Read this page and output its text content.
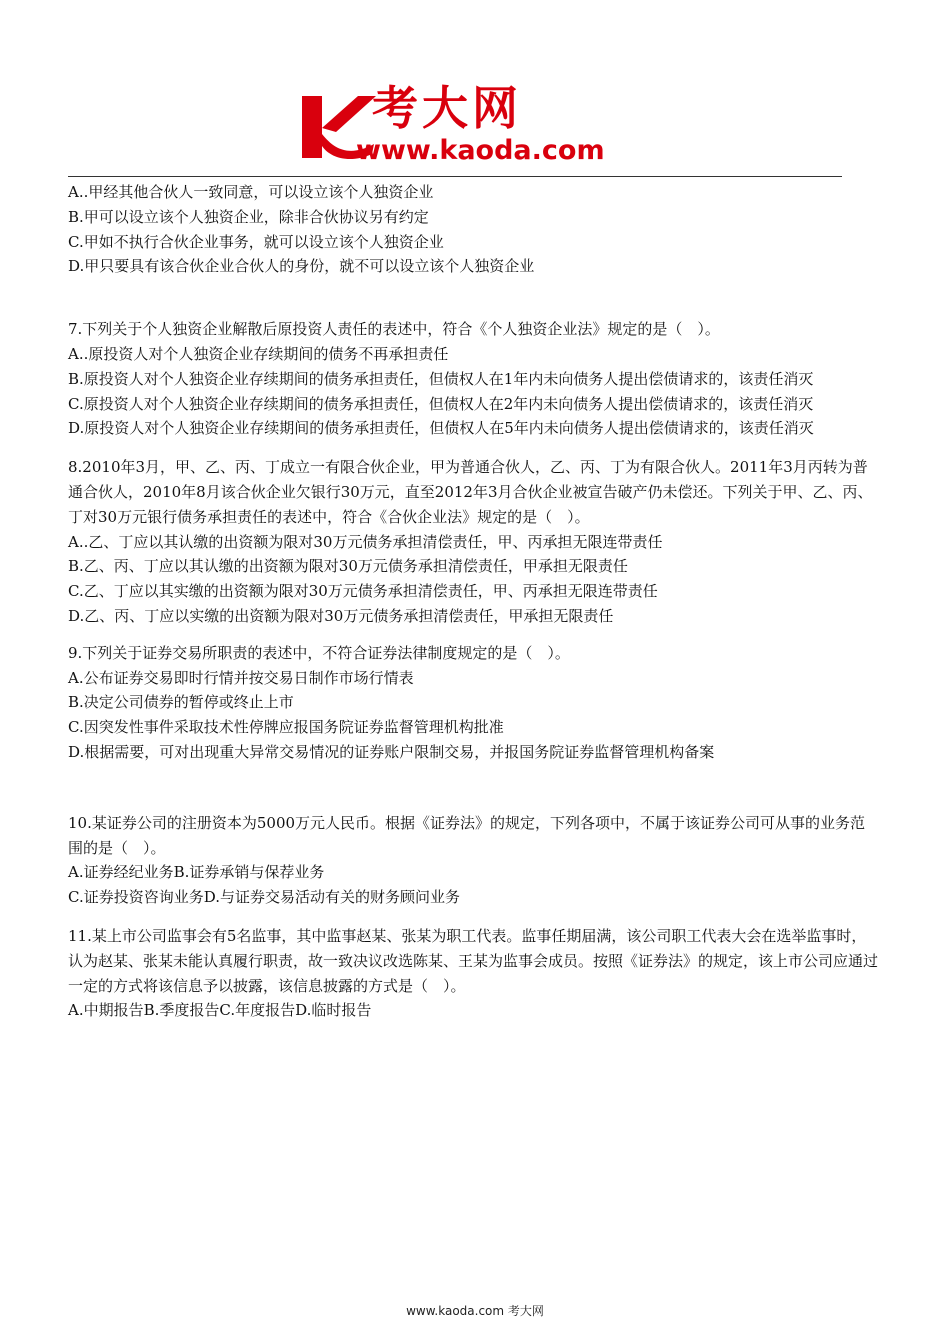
考大网
www.kaoda.com
A..甲经其他合伙人一致同意，可以设立该个人独资企业
B.甲可以设立该个人独资企业，除非合伙协议另有约定
C.甲如不执行合伙企业事务，就可以设立该个人独资企业
D.甲只要具有该合伙企业合伙人的身份，就不可以设立该个人独资企业
7.下列关于个人独资企业解散后原投资人责任的表述中，符合《个人独资企业法》规定的是（　）。
A..原投资人对个人独资企业存续期间的债务不再承担责任
B.原投资人对个人独资企业存续期间的债务承担责任，但债权人在1年内未向债务人提出偿债请求的，该责任消灭
C.原投资人对个人独资企业存续期间的债务承担责任，但债权人在2年内未向债务人提出偿债请求的，该责任消灭
D.原投资人对个人独资企业存续期间的债务承担责任，但债权人在5年内未向债务人提出偿债请求的，该责任消灭
8.2010年3月，甲、乙、丙、丁成立一有限合伙企业，甲为普通合伙人，乙、丙、丁为有限合伙人。2011年3月丙转为普通合伙人，2010年8月该合伙企业欠银行30万元，直至2012年3月合伙企业被宣告破产仍未偿还。下列关于甲、乙、丙、丁对30万元银行债务承担责任的表述中，符合《合伙企业法》规定的是（　）。
A..乙、丁应以其认缴的出资额为限对30万元债务承担清偿责任，甲、丙承担无限连带责任
B.乙、丙、丁应以其认缴的出资额为限对30万元债务承担清偿责任，甲承担无限责任
C.乙、丁应以其实缴的出资额为限对30万元债务承担清偿责任，甲、丙承担无限连带责任
D.乙、丙、丁应以实缴的出资额为限对30万元债务承担清偿责任，甲承担无限责任
9.下列关于证券交易所职责的表述中，不符合证券法律制度规定的是（　）。
A.公布证券交易即时行情并按交易日制作市场行情表
B.决定公司债券的暂停或终止上市
C.因突发性事件采取技术性停牌应报国务院证券监督管理机构批准
D.根据需要，可对出现重大异常交易情况的证券账户限制交易，并报国务院证券监督管理机构备案
10.某证券公司的注册资本为5000万元人民币。根据《证券法》的规定，下列各项中，不属于该证券公司可从事的业务范围的是（　）。
A.证券经纪业务B.证券承销与保荐业务
C.证券投资咨询业务D.与证券交易活动有关的财务顾问业务
11.某上市公司监事会有5名监事，其中监事赵某、张某为职工代表。监事任期届满，该公司职工代表大会在选举监事时，认为赵某、张某未能认真履行职责，故一致决议改选陈某、王某为监事会成员。按照《证券法》的规定，该上市公司应通过一定的方式将该信息予以披露，该信息披露的方式是（　）。
A.中期报告B.季度报告C.年度报告D.临时报告
www.kaoda.com 考大网
